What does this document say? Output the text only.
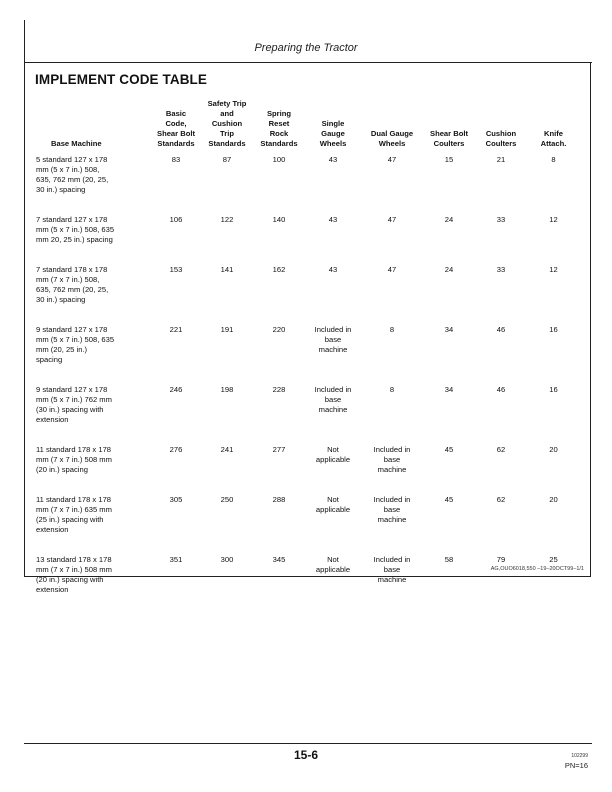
Preparing the Tractor
IMPLEMENT CODE TABLE
Base Machine	Basic
Code,
Shear Bolt
Standards	Safety Trip
and
Cushion
Trip
Standards	Spring
Reset
Rock
Standards	Single
Gauge
Wheels	Dual Gauge
Wheels	Shear Bolt
Coulters	Cushion
Coulters	Knife
Attach.
5 standard 127 x 178
mm (5 x 7 in.) 508,
635, 762 mm (20, 25,
30 in.) spacing	83	87	100	43	47	15	21	8
7 standard 127 x 178
mm (5 x 7 in.) 508, 635
mm 20, 25 in.) spacing	106	122	140	43	47	24	33	12
7 standard 178 x 178
mm (7 x 7 in.) 508,
635, 762 mm (20, 25,
30 in.) spacing	153	141	162	43	47	24	33	12
9 standard 127 x 178
mm (5 x 7 in.) 508, 635
mm (20, 25 in.)
spacing	221	191	220	Included in
base
machine	8	34	46	16
9 standard 127 x 178
mm (5 x 7 in.) 762 mm
(30 in.) spacing with
extension	246	198	228	Included in
base
machine	8	34	46	16
11 standard 178 x 178
mm (7 x 7 in.) 508 mm
(20 in.) spacing	276	241	277	Not
applicable	Included in
base
machine	45	62	20
11 standard 178 x 178
mm (7 x 7 in.) 635 mm
(25 in.) spacing with
extension	305	250	288	Not
applicable	Included in
base
machine	45	62	20
13 standard 178 x 178
mm (7 x 7 in.) 508 mm
(20 in.) spacing with
extension	351	300	345	Not
applicable	Included in
base
machine	58	79	25
AG,OUO6018,550 –19–20OCT99–1/1
15-6	102299
PN=16
